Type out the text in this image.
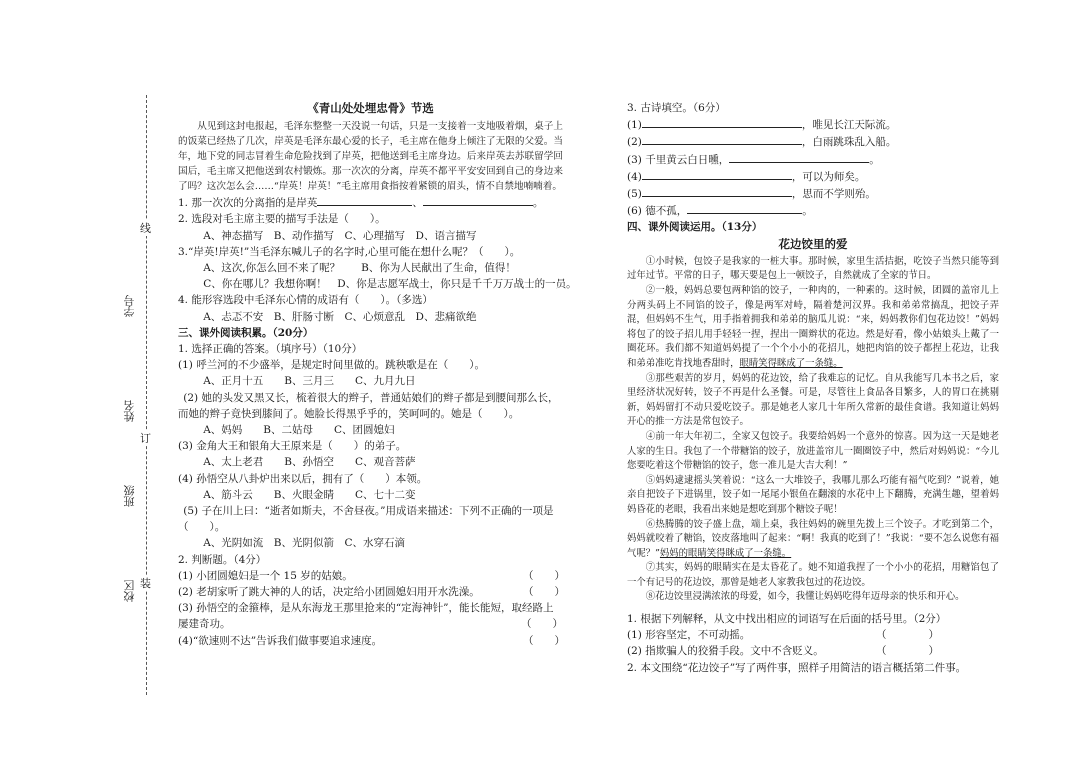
线
订
装
学号
姓名
班级
校区
《青山处处埋忠骨》节选
从见到这封电报起，毛泽东整整一天没说一句话，只是一支接着一支地吸着烟，桌子上的饭菜已经热了几次，岸英是毛泽东最心爱的长子，毛主席在他身上倾注了无限的父爱。当年，地下党的同志冒着生命危险找到了岸英，把他送到毛主席身边。后来岸英去苏联留学回国后，毛主席又把他送到农村锻炼。那一次次的分离，岸英不都平平安安回到自己的身边来了吗？这次怎么会……“岸英！岸英！”毛主席用食指按着紧锁的眉头，情不自禁地喃喃着。
1. 那一次次的分离指的是岸英	、	。
2. 选段对毛主席主要的描写手法是（　　）。
A、神态描写　B、动作描写　C、心理描写　D、语言描写
3.“岸英!岸英!”当毛泽东喊儿子的名字时,心里可能在想什么呢？（　　）。
A、这次,你怎么回不来了呢？　　B、你为人民献出了生命，值得！
C、你在哪儿？我想你啊！　D、你是志愿军战士，你只是千千万万战士的一员。
4. 能形容选段中毛泽东心情的成语有（　　）。（多选）
A、忐忑不安　B、肝肠寸断　C、心烦意乱　D、悲痛欲绝
三、课外阅读积累。（20分）
1. 选择正确的答案。（填序号）（10分）
(1) 呼兰河的不少盛举，是规定时间里做的。跳秧歌是在（　　）。
A、正月十五　　B、三月三　　C、九月九日
(2) 她的头发又黑又长，梳着很大的辫子，普通姑娘们的辫子都是到腰间那么长，而她的辫子竟快到膝间了。她脸长得黑乎乎的，笑呵呵的。她是（　　）。
A、妈妈　　B、二姑母　　C、团圆媳妇
(3) 金角大王和银角大王原来是（　　）的弟子。
A、太上老君　　B、孙悟空　　C、观音菩萨
(4) 孙悟空从八卦炉出来以后，拥有了（　　）本领。
A、筋斗云　　B、火眼金睛　　C、七十二变
(5) 子在川上曰：“逝者如斯夫，不舍昼夜。”用成语来描述：下列不正确的一项是（　　）。
A、光阴如流　B、光阴似箭　C、水穿石滴
2. 判断题。（4分）
(1) 小团圆媳妇是一个 15 岁的姑娘。	（　　）
(2) 老胡家听了跳大神的人的话，决定给小团圆媳妇用开水洗澡。	（　　）
(3) 孙悟空的金箍棒，是从东海龙王那里抢来的“定海神针”，能长能短，取经路上屡建奇功。	（　　）
(4)“欲速则不达”告诉我们做事要追求速度。	（　　）
3. 古诗填空。（6分）
(1)	，唯见长江天际流。
(2)	，白雨跳珠乱入船。
(3) 千里黄云白日曛，	。
(4)	，可以为师矣。
(5)	，思而不学则殆。
(6) 德不孤，	。
四、课外阅读运用。（13分）
花边饺里的爱
①小时候，包饺子是我家的一桩大事。那时候，家里生活拮据，吃饺子当然只能等到过年过节。平常的日子，哪天要是包上一顿饺子，自然就成了全家的节日。
②一般，妈妈总要包两种馅的饺子，一种肉的，一种素的。这时候，团圆的盖帘儿上分两头码上不同馅的饺子，像是两军对峙，隔着楚河汉界。我和弟弟常搞乱，把饺子弄混，但妈妈不生气，用手指着拥我和弟弟的脑瓜儿说：“来，妈妈教你们包花边饺！”妈妈将包了的饺子招儿用手轻轻一捏，捏出一圈辫状的花边。然是好看，像小姑娘头上戴了一圈花环。我们都不知道妈妈提了一个个小小的花招儿，她把肉馅的饺子都捏上花边，让我和弟弟准吃肯找地香甜时，眼睛笑得眯成了一条缝。
③那些艰苦的岁月，妈妈的花边饺，给了我难忘的记忆。自从我能写几本书之后，家里经济状况好转，饺子不再是什么圣餐。可是，尽管往上食品各目繁多，人的胃口在挑剔新，妈妈留打不动只爱吃饺子。那是她老人家几十年所久常新的最佳食谱。我知道让妈妈开心的推一方法是常包饺子。
④前一年大年初二，全家又包饺子。我要给妈妈一个意外的惊喜。因为这一天是她老人家的生日。我包了一个带糖馅的饺子，放进盖帘儿一圈圈饺子中，然后对妈妈说：“今儿您要吃着这个带糖馅的饺子，您一准儿是大吉大利！”
⑤妈妈逮逮摇头笑着说：“这么一大堆饺子，我哪儿那么巧能有福气吃到？”说着，她亲自把饺子下进锅里，饺子如一尾尾小银鱼在翻滚的水花中上下翻腾，充满生趣，望着妈妈昏花的老眼，我看出来她是想吃到那个糖饺子呢！
⑥热腾腾的饺子盛上盘，端上桌，我往妈妈的碗里先拨上三个饺子。才吃到第二个，妈妈就咬着了糖馅，饺皮落地叫了起来：“啊！我真的吃到了！”我说：“要不怎么说您有福气呢？”妈妈的眼睛笑得眯成了一条缝。
⑦其实，妈妈的眼睛实在是太昏花了。她不知道我捏了一个小小的花招，用糖馅包了一个有记号的花边饺，那曾是她老人家教我包过的花边饺。
⑧花边饺里浸满浓浓的母爱，如今，我懂让妈妈吃得年迈母亲的快乐和开心。
1. 根据下列解释，从文中找出相应的词语写在后面的括号里。（2分）
(1) 形容坚定，不可动摇。	（　　　　）
(2) 指欺骗人的狡猾手段。文中不含贬义。	（　　　　）
2. 本文围绕“花边饺子”写了两件事，照样子用简洁的语言概括第二件事。
